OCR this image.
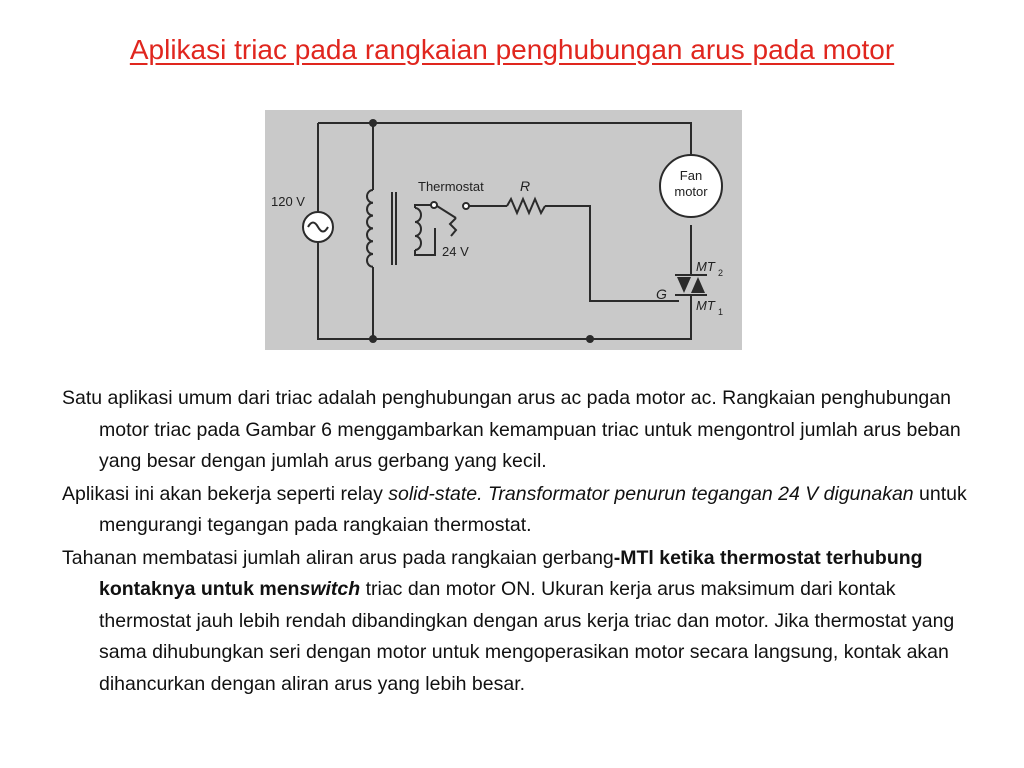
Aplikasi triac pada rangkaian penghubungan arus pada motor
120 V
Thermostat	R
24 V
Fan
motor
G
MT 2
MT 1

Satu aplikasi umum dari triac adalah penghubungan arus ac pada motor ac. Rangkaian penghubungan motor triac pada Gambar 6 menggambarkan kemampuan triac untuk mengontrol jumlah arus beban yang besar dengan jumlah arus gerbang yang kecil.

Aplikasi ini akan bekerja seperti relay solid-state. Transformator penurun tegangan 24 V digunakan untuk mengurangi tegangan pada rangkaian thermostat.

Tahanan membatasi jumlah aliran arus pada rangkaian gerbang-MTl ketika thermostat terhubung kontaknya untuk menswitch triac dan motor ON. Ukuran kerja arus maksimum dari kontak thermostat jauh lebih rendah dibandingkan dengan arus kerja triac dan motor. Jika thermostat yang sama dihubungkan seri dengan motor untuk mengoperasikan motor secara langsung, kontak akan dihancurkan dengan aliran arus yang lebih besar.
